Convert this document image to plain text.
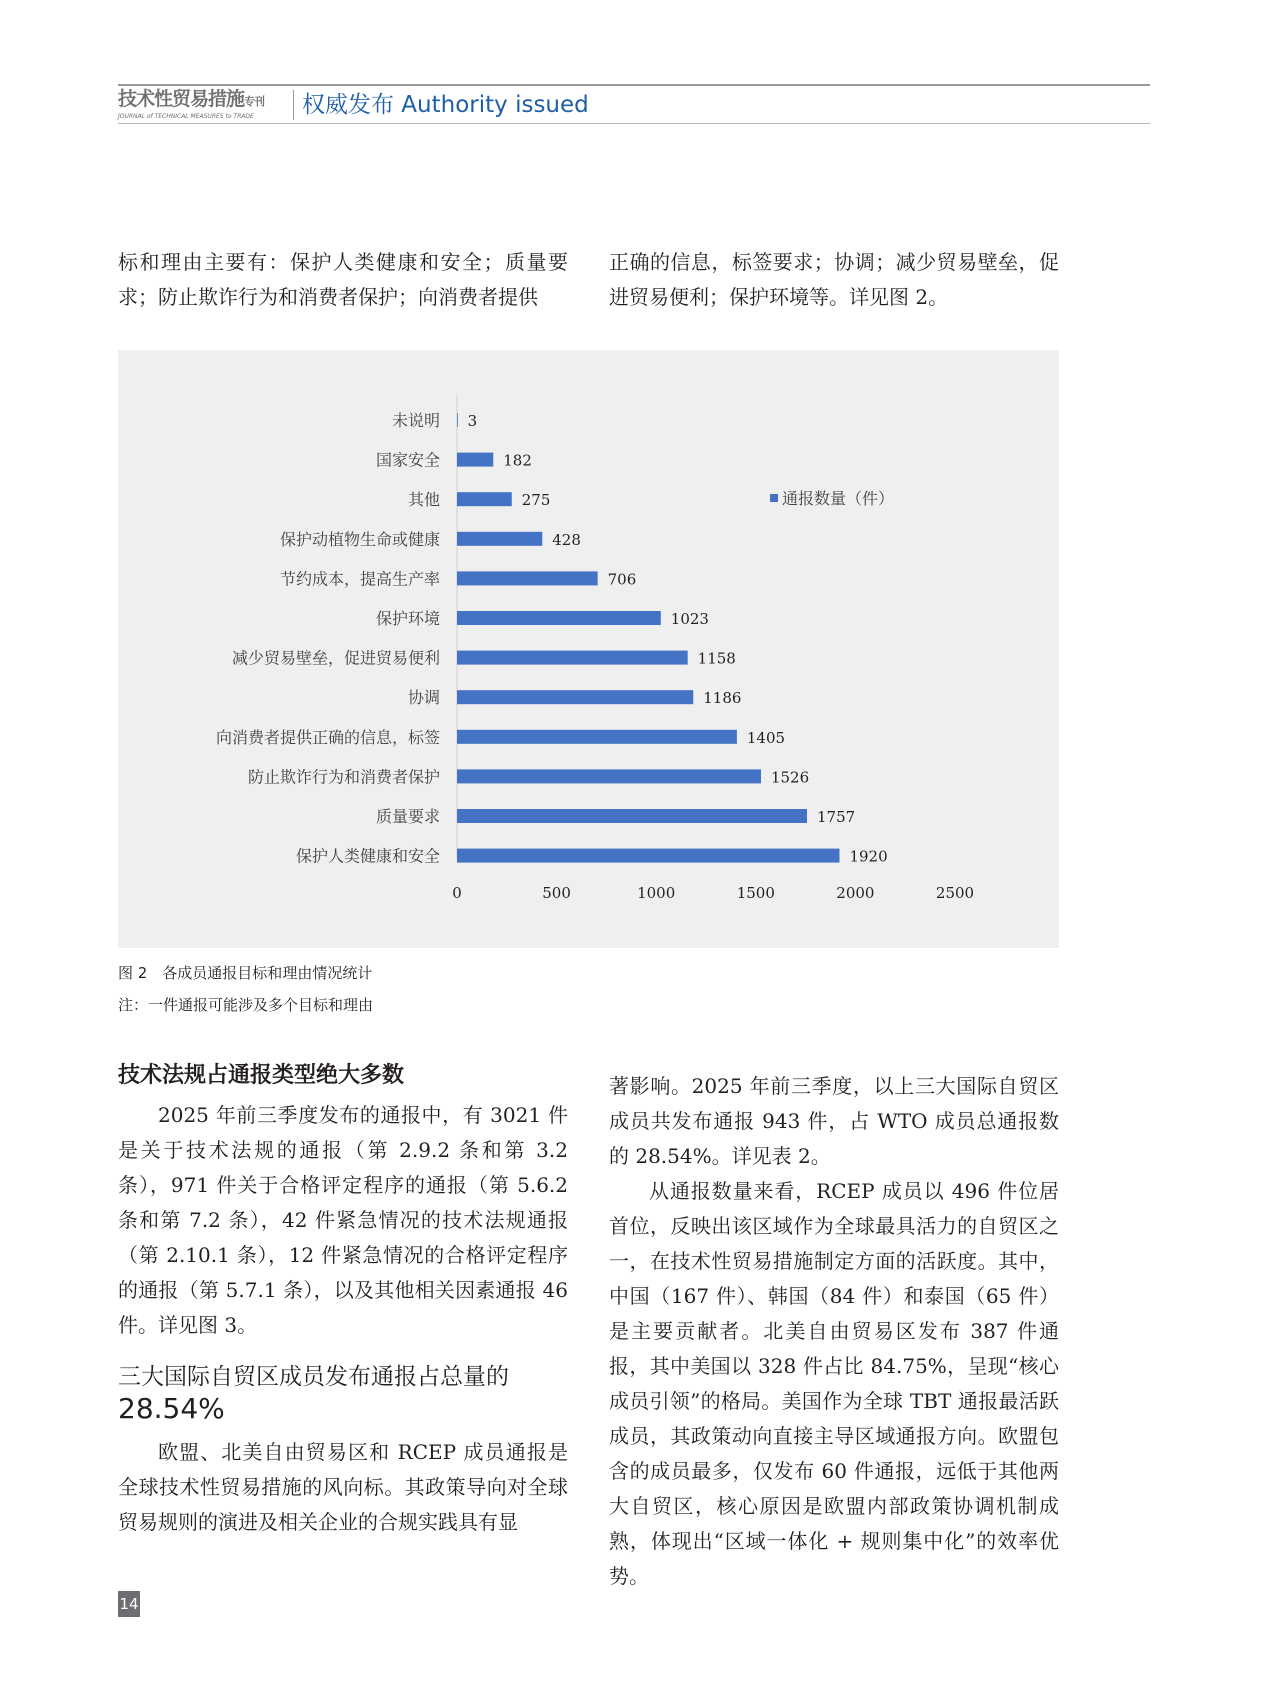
技术性贸易措施专刊
JOURNAL of TECHNICAL MEASURES to TRADE	权威发布 Authority issued

标和理由主要有：保护人类健康和安全；质量要求；防止欺诈行为和消费者保护；向消费者提供

正确的信息，标签要求；协调；减少贸易壁垒，促进贸易便利；保护环境等。详见图 2。

未说明 3
国家安全	182
其他	275
保护动植物生命或健康	428
节约成本，提高生产率	706
保护环境	1023
减少贸易壁垒，促进贸易便利	1158
协调	1186
向消费者提供正确的信息，标签	1405
防止欺诈行为和消费者保护	1526
质量要求	1757
保护人类健康和安全	1920
0	500	1000	1500	2000	2500
通报数量（件）
图 2　各成员通报目标和理由情况统计
注：一件通报可能涉及多个目标和理由

技术法规占通报类型绝大多数

2025 年前三季度发布的通报中，有 3021 件是关于技术法规的通报（第 2.9.2 条和第 3.2 条），971 件关于合格评定程序的通报（第 5.6.2 条和第 7.2 条），42 件紧急情况的技术法规通报（第 2.10.1 条），12 件紧急情况的合格评定程序的通报（第 5.7.1 条），以及其他相关因素通报 46 件。详见图 3。

三大国际自贸区成员发布通报占总量的
28.54%

欧盟、北美自由贸易区和 RCEP 成员通报是全球技术性贸易措施的风向标。其政策导向对全球贸易规则的演进及相关企业的合规实践具有显

著影响。2025 年前三季度，以上三大国际自贸区成员共发布通报 943 件，占 WTO 成员总通报数的 28.54%。详见表 2。

从通报数量来看，RCEP 成员以 496 件位居首位，反映出该区域作为全球最具活力的自贸区之一，在技术性贸易措施制定方面的活跃度。其中，中国（167 件）、韩国（84 件）和泰国（65 件）是主要贡献者。北美自由贸易区发布 387 件通报，其中美国以 328 件占比 84.75%，呈现“核心成员引领”的格局。美国作为全球 TBT 通报最活跃成员，其政策动向直接主导区域通报方向。欧盟包含的成员最多，仅发布 60 件通报，远低于其他两大自贸区，核心原因是欧盟内部政策协调机制成熟，体现出“区域一体化 + 规则集中化”的效率优势。

14
